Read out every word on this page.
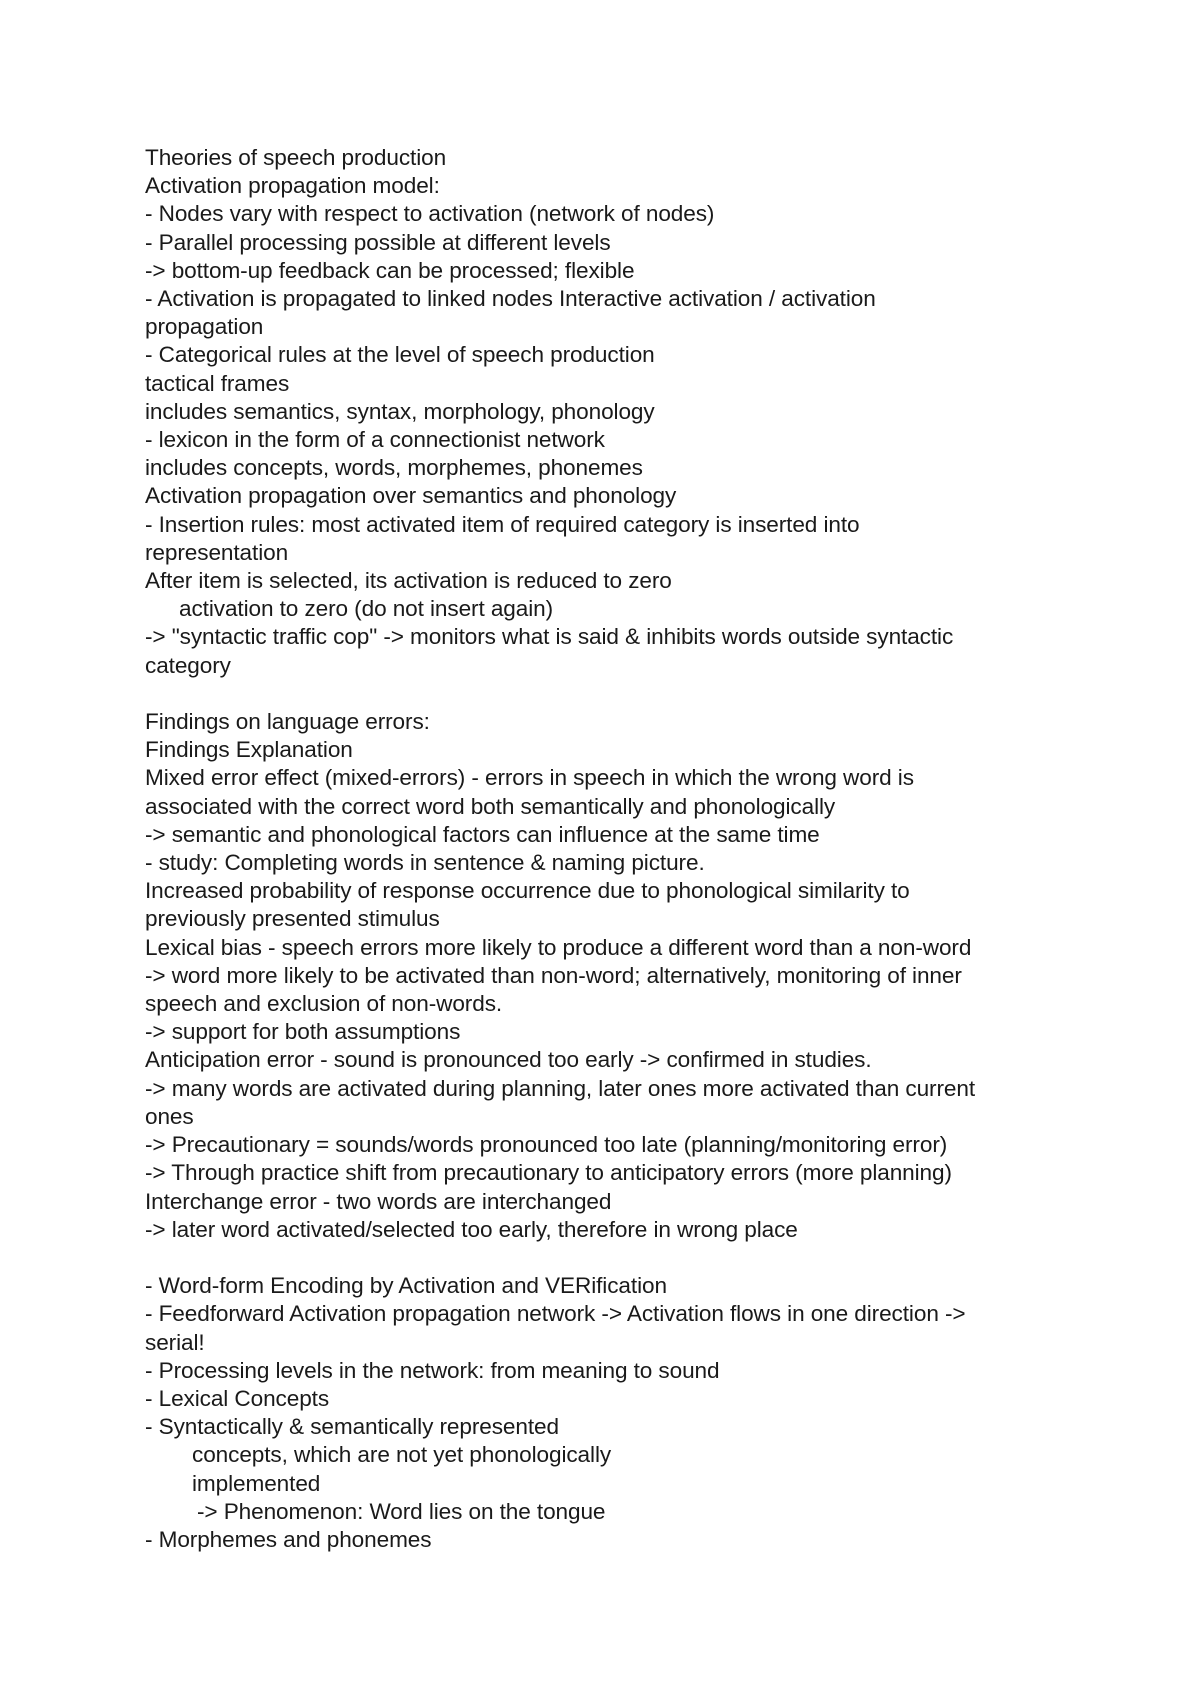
Theories of speech production
Activation propagation model:
- Nodes vary with respect to activation (network of nodes)
- Parallel processing possible at different levels
-> bottom-up feedback can be processed; flexible
- Activation is propagated to linked nodes Interactive activation / activation
propagation
- Categorical rules at the level of speech production
tactical frames
includes semantics, syntax, morphology, phonology
- lexicon in the form of a connectionist network
includes concepts, words, morphemes, phonemes
Activation propagation over semantics and phonology
- Insertion rules: most activated item of required category is inserted into
representation
After item is selected, its activation is reduced to zero
activation to zero (do not insert again)
-> "syntactic traffic cop" -> monitors what is said & inhibits words outside syntactic
category
Findings on language errors:
Findings Explanation
Mixed error effect (mixed-errors) - errors in speech in which the wrong word is
associated with the correct word both semantically and phonologically
-> semantic and phonological factors can influence at the same time
- study: Completing words in sentence & naming picture.
Increased probability of response occurrence due to phonological similarity to
previously presented stimulus
Lexical bias - speech errors more likely to produce a different word than a non-word
-> word more likely to be activated than non-word; alternatively, monitoring of inner
speech and exclusion of non-words.
-> support for both assumptions
Anticipation error - sound is pronounced too early -> confirmed in studies.
-> many words are activated during planning, later ones more activated than current
ones
-> Precautionary = sounds/words pronounced too late (planning/monitoring error)
-> Through practice shift from precautionary to anticipatory errors (more planning)
Interchange error - two words are interchanged
-> later word activated/selected too early, therefore in wrong place
- Word-form Encoding by Activation and VERification
- Feedforward Activation propagation network -> Activation flows in one direction ->
serial!
- Processing levels in the network: from meaning to sound
- Lexical Concepts
- Syntactically & semantically represented
concepts, which are not yet phonologically
implemented
-> Phenomenon: Word lies on the tongue
- Morphemes and phonemes
